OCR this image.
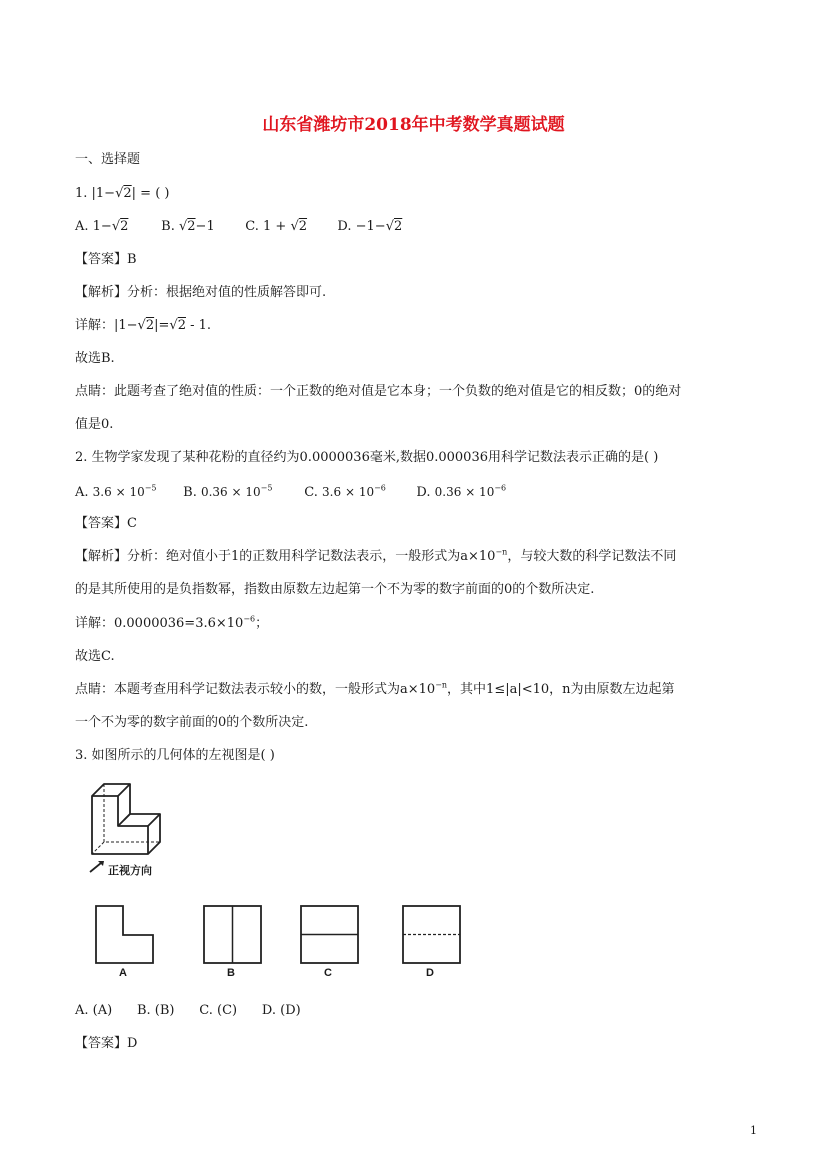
山东省潍坊市2018年中考数学真题试题
一、选择题
1. |1−√2| = ( )
A. 1−√2	B. √2−1 C. 1 + √2 D. −1−√2
【答案】B
【解析】分析：根据绝对值的性质解答即可.
详解：|1−√2|=√2 - 1.
故选B.
点睛：此题考查了绝对值的性质：一个正数的绝对值是它本身；一个负数的绝对值是它的相反数；0的绝对
值是0.
2. 生物学家发现了某种花粉的直径约为0.0000036毫米,数据0.000036用科学记数法表示正确的是( )
A. $3.6 \times 10^{-5}$ B. $0.36 \times 10^{-5}$ C. $3.6 \times 10^{-6}$ D. $0.36 \times 10^{-6}$
【答案】C
【解析】分析：绝对值小于1的正数用科学记数法表示，一般形式为$a\times 10^{-n}$，与较大数的科学记数法不同
的是其所使用的是负指数幂，指数由原数左边起第一个不为零的数字前面的0的个数所决定.
详解：$0.0000036=3.6\times 10^{-6}$；
故选C.
点睛：本题考查用科学记数法表示较小的数，一般形式为$a\times 10^{-n}$，其中1≤|a|<10，n为由原数左边起第
一个不为零的数字前面的0的个数所决定.
3. 如图所示的几何体的左视图是( )
正视方向
A	B	C	D
A. (A)      B. (B)      C. (C)      D. (D)
【答案】D
1
